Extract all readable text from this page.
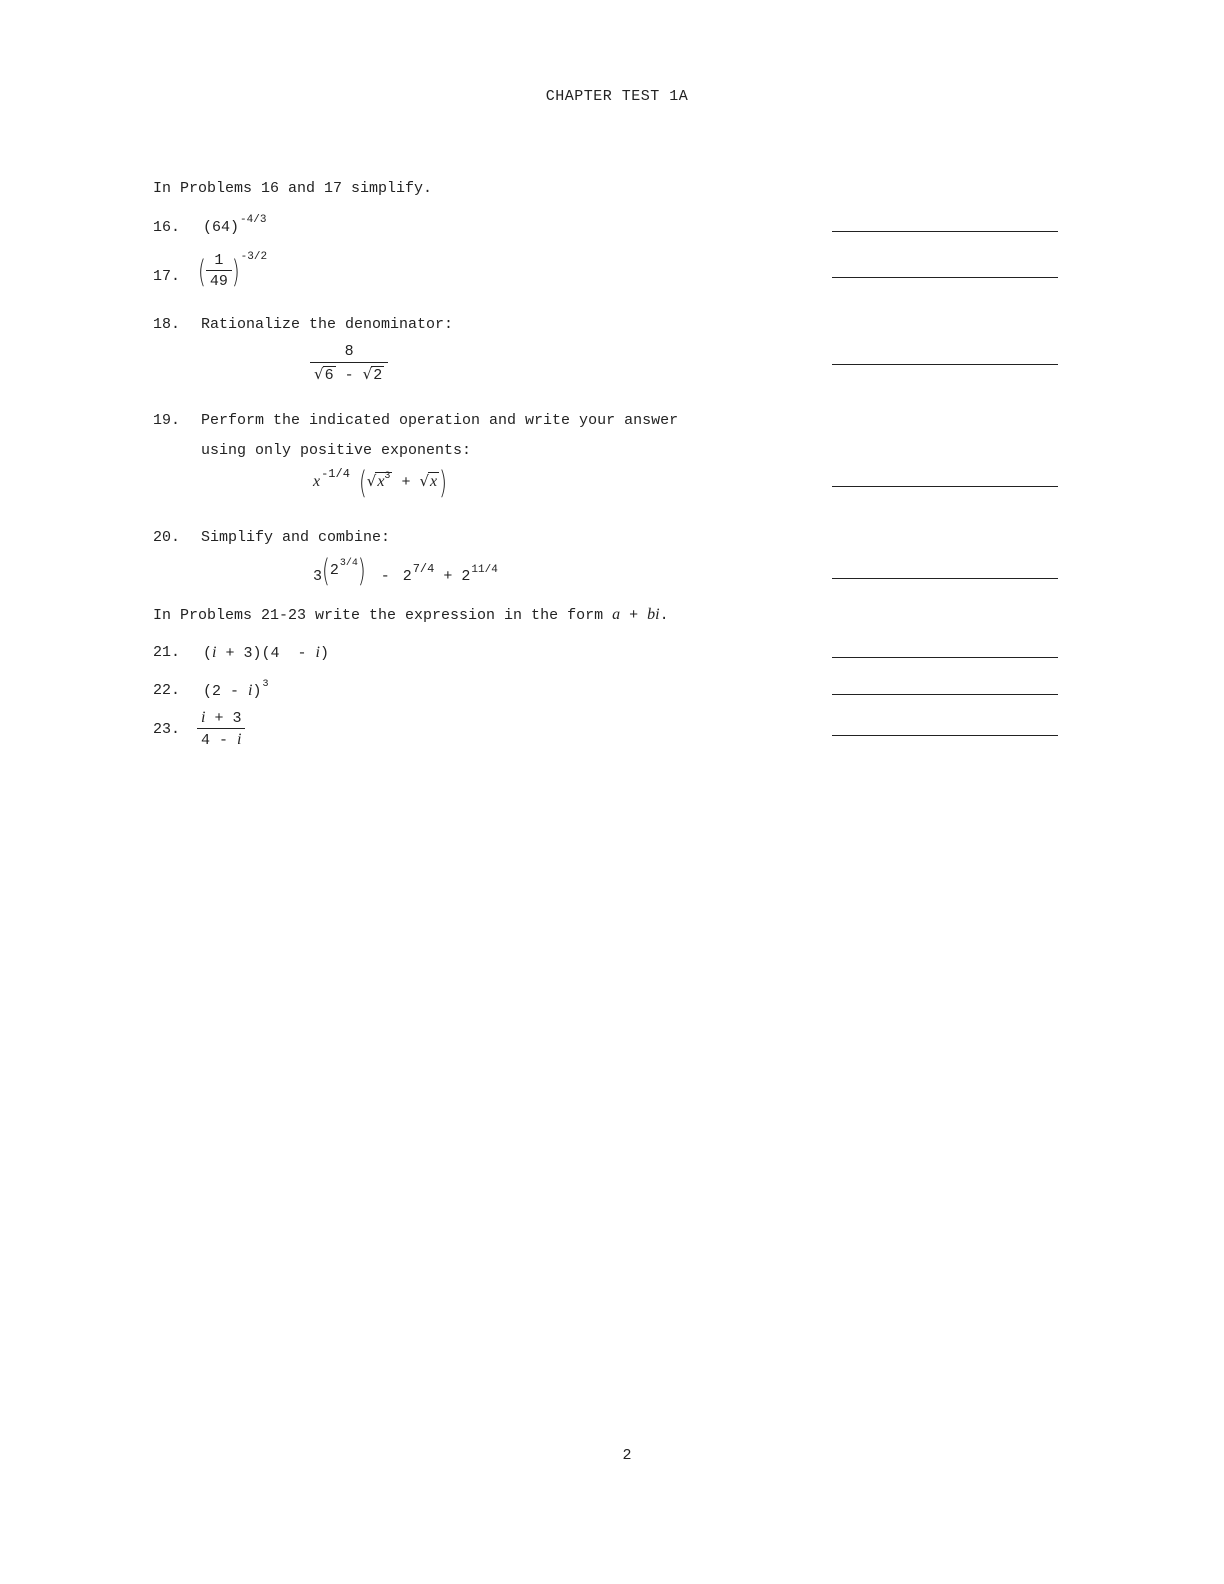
CHAPTER TEST 1A
In Problems 16 and 17 simplify.
16. $(64)^{-4/3}$
17. ( $\frac{1}{49} )^{-3/2}$
18. Rationalize the denominator:
$\frac{8}{√6 - √2}$
19. Perform the indicated operation and write your answer
using only positive exponents:
$x^{-1/4}$ ($√x^3 + √x$ )
20. Simplify and combine:
$3(2^{3/4}) - 27/4 + 211/4$
In Problems 21-23 write the expression in the form a + bi.
21. (i + 3)(4  - i)
22. (2 - i)$^3$
23. $\frac{i + 3}{4 - i}$
2
